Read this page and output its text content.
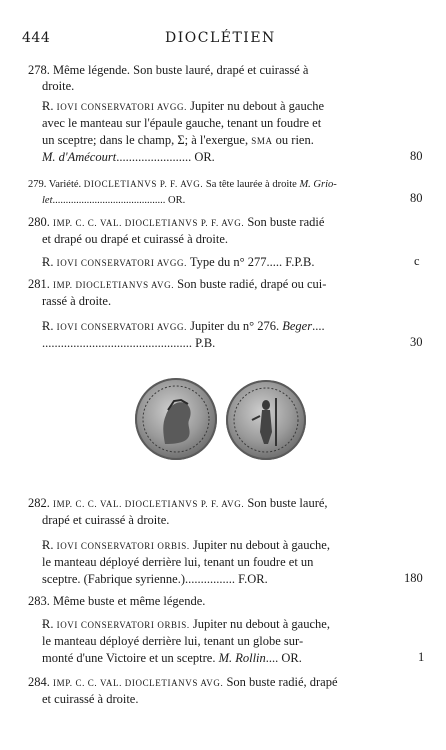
444	DIOCLÉTIEN
278. Même légende. Son buste lauré, drapé et cuirassé à
droite.
Ɍ. IOVI CONSERVATORI AVGG. Jupiter nu debout à gauche
avec le manteau sur l'épaule gauche, tenant un foudre et
un sceptre; dans le champ, Σ; à l'exergue, SMA ou rien.
M. d'Amécourt........................ OR.	80
279. Variété. DIOCLETIANVS P. F. AVG. Sa tête laurée à droite M. Grio-
let........................................... OR.	80
280. IMP. C. C. VAL. DIOCLETIANVS P. F. AVG. Son buste radié
et drapé ou drapé et cuirassé à droite.
Ɍ. IOVI CONSERVATORI AVGG. Type du n° 277..... F.P.B.	c
281. IMP. DIOCLETIANVS AVG. Son buste radié, drapé ou cui-
rassé à droite.
Ɍ. IOVI CONSERVATORI AVGG. Jupiter du n° 276. Beger....
................................................ P.B.	30
282. IMP. C. C. VAL. DIOCLETIANVS P. F. AVG. Son buste lauré,
drapé et cuirassé à droite.
Ɍ. IOVI CONSERVATORI ORBIS. Jupiter nu debout à gauche,
le manteau déployé derrière lui, tenant un foudre et un
sceptre. (Fabrique syrienne.)................ F.OR.	180
283. Même buste et même légende.
Ɍ. IOVI CONSERVATORI ORBIS. Jupiter nu debout à gauche,
le manteau déployé derrière lui, tenant un globe sur-
monté d'une Victoire et un sceptre. M. Rollin.... OR.	1
284. IMP. C. C. VAL. DIOCLETIANVS AVG. Son buste radié, drapé
et cuirassé à droite.
